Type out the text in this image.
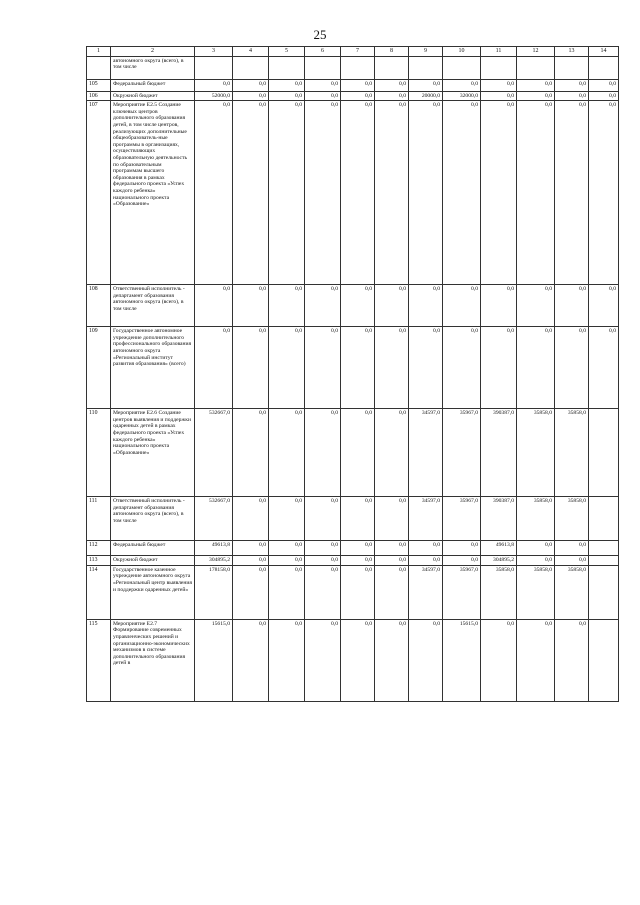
25
1	2	3	4	5	6	7	8	9	10	11	12	13	14
	автономного округа (всего), в том числе												
105	Федеральный бюджет	0,0	0,0	0,0	0,0	0,0	0,0	0,0	0,0	0,0	0,0	0,0	0,0
106	Окружной бюджет	52000,0	0,0	0,0	0,0	0,0	0,0	20000,0	32000,0	0,0	0,0	0,0	0,0
107	Мероприятие Е2.5 Создание ключевых центров дополнительного образования детей, в том числе центров, реализующих дополнительные общеобразователь-ные программы в организациях, осуществляющих образовательную деятельность по образовательным программам высшего образования в рамках федерального проекта «Успех каждого ребенка» национального проекта «Образование»	0,0	0,0	0,0	0,0	0,0	0,0	0,0	0,0	0,0	0,0	0,0	0,0
108	Ответственный исполнитель - департамент образования автономного округа (всего), в том числе	0,0	0,0	0,0	0,0	0,0	0,0	0,0	0,0	0,0	0,0	0,0	0,0
109	Государственное автономное учреждение дополнительного профессионального образования автономного округа «Региональный институт развития образования» (всего)	0,0	0,0	0,0	0,0	0,0	0,0	0,0	0,0	0,0	0,0	0,0	0,0
110	Мероприятие Е2.6 Создание центров выявления и поддержки одаренных детей в рамках федерального проекта «Успех каждого ребенка» национального проекта «Образование»	532667,0	0,0	0,0	0,0	0,0	0,0	34597,0	35967,0	390387,0	35858,0	35858,0	
111	Ответственный исполнитель - департамент образования автономного округа (всего), в том числе	532667,0	0,0	0,0	0,0	0,0	0,0	34597,0	35967,0	390387,0	35858,0	35858,0	
112	Федеральный бюджет	49613,8	0,0	0,0	0,0	0,0	0,0	0,0	0,0	49613,8	0,0	0,0	
113	Окружной бюджет	304895,2	0,0	0,0	0,0	0,0	0,0	0,0	0,0	304895,2	0,0	0,0	
114	Государственное казенное учреждение автономного округа «Региональный центр выявления и поддержки одаренных детей»	178158,0	0,0	0,0	0,0	0,0	0,0	34597,0	35967,0	35858,0	35858,0	35858,0	
115	Мероприятие Е2.7 Формирование современных управленческих решений и организационно-экономических механизмов в системе дополнительного образования детей в	15615,0	0,0	0,0	0,0	0,0	0,0	0,0	15615,0	0,0	0,0	0,0	
